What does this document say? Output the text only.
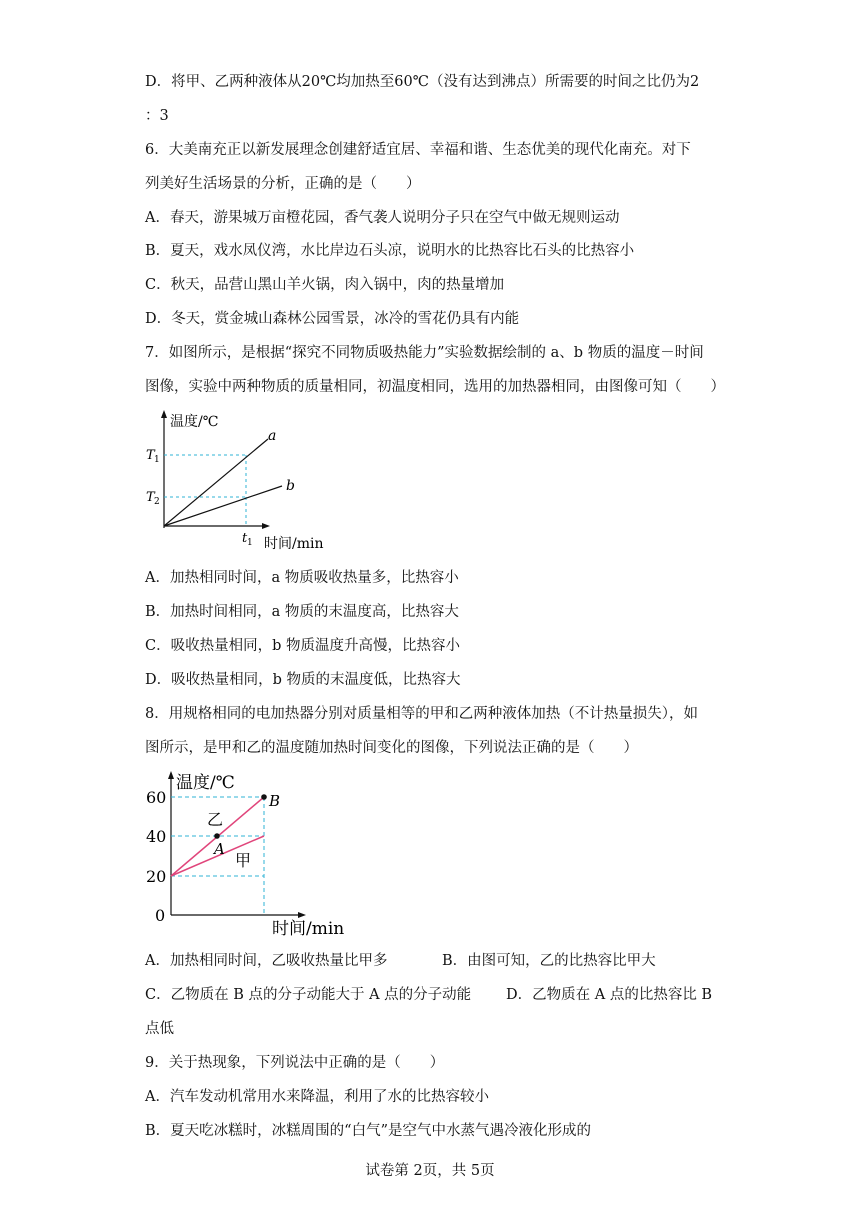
D．将甲、乙两种液体从20℃均加热至60℃（没有达到沸点）所需要的时间之比仍为2
：3
6．大美南充正以新发展理念创建舒适宜居、幸福和谐、生态优美的现代化南充。对下
列美好生活场景的分析，正确的是（　　）
A．春天，游果城万亩橙花园，香气袭人说明分子只在空气中做无规则运动
B．夏天，戏水凤仪湾，水比岸边石头凉，说明水的比热容比石头的比热容小
C．秋天，品营山黑山羊火锅，肉入锅中，肉的热量增加
D．冬天，赏金城山森林公园雪景，冰冷的雪花仍具有内能
7．如图所示，是根据“探究不同物质吸热能力”实验数据绘制的 a、b 物质的温度－时间
图像，实验中两种物质的质量相同，初温度相同，选用的加热器相同，由图像可知（　　）
温度/℃
时间/min
a
b
T 1
T 2
t 1
A．加热相同时间，a 物质吸收热量多，比热容小
B．加热时间相同，a 物质的末温度高，比热容大
C．吸收热量相同，b 物质温度升高慢，比热容小
D．吸收热量相同，b 物质的末温度低，比热容大
8．用规格相同的电加热器分别对质量相等的甲和乙两种液体加热（不计热量损失），如
图所示，是甲和乙的温度随加热时间变化的图像，下列说法正确的是（　　）
温度/℃
时间/min
60
40
20
0
乙
甲
A
B
A．加热相同时间，乙吸收热量比甲多	B．由图可知，乙的比热容比甲大
C．乙物质在 B 点的分子动能大于 A 点的分子动能 D．乙物质在 A 点的比热容比 B
点低
9．关于热现象，下列说法中正确的是（　　）
A．汽车发动机常用水来降温，利用了水的比热容较小
B．夏天吃冰糕时，冰糕周围的“白气”是空气中水蒸气遇冷液化形成的
试卷第 2页，共 5页
